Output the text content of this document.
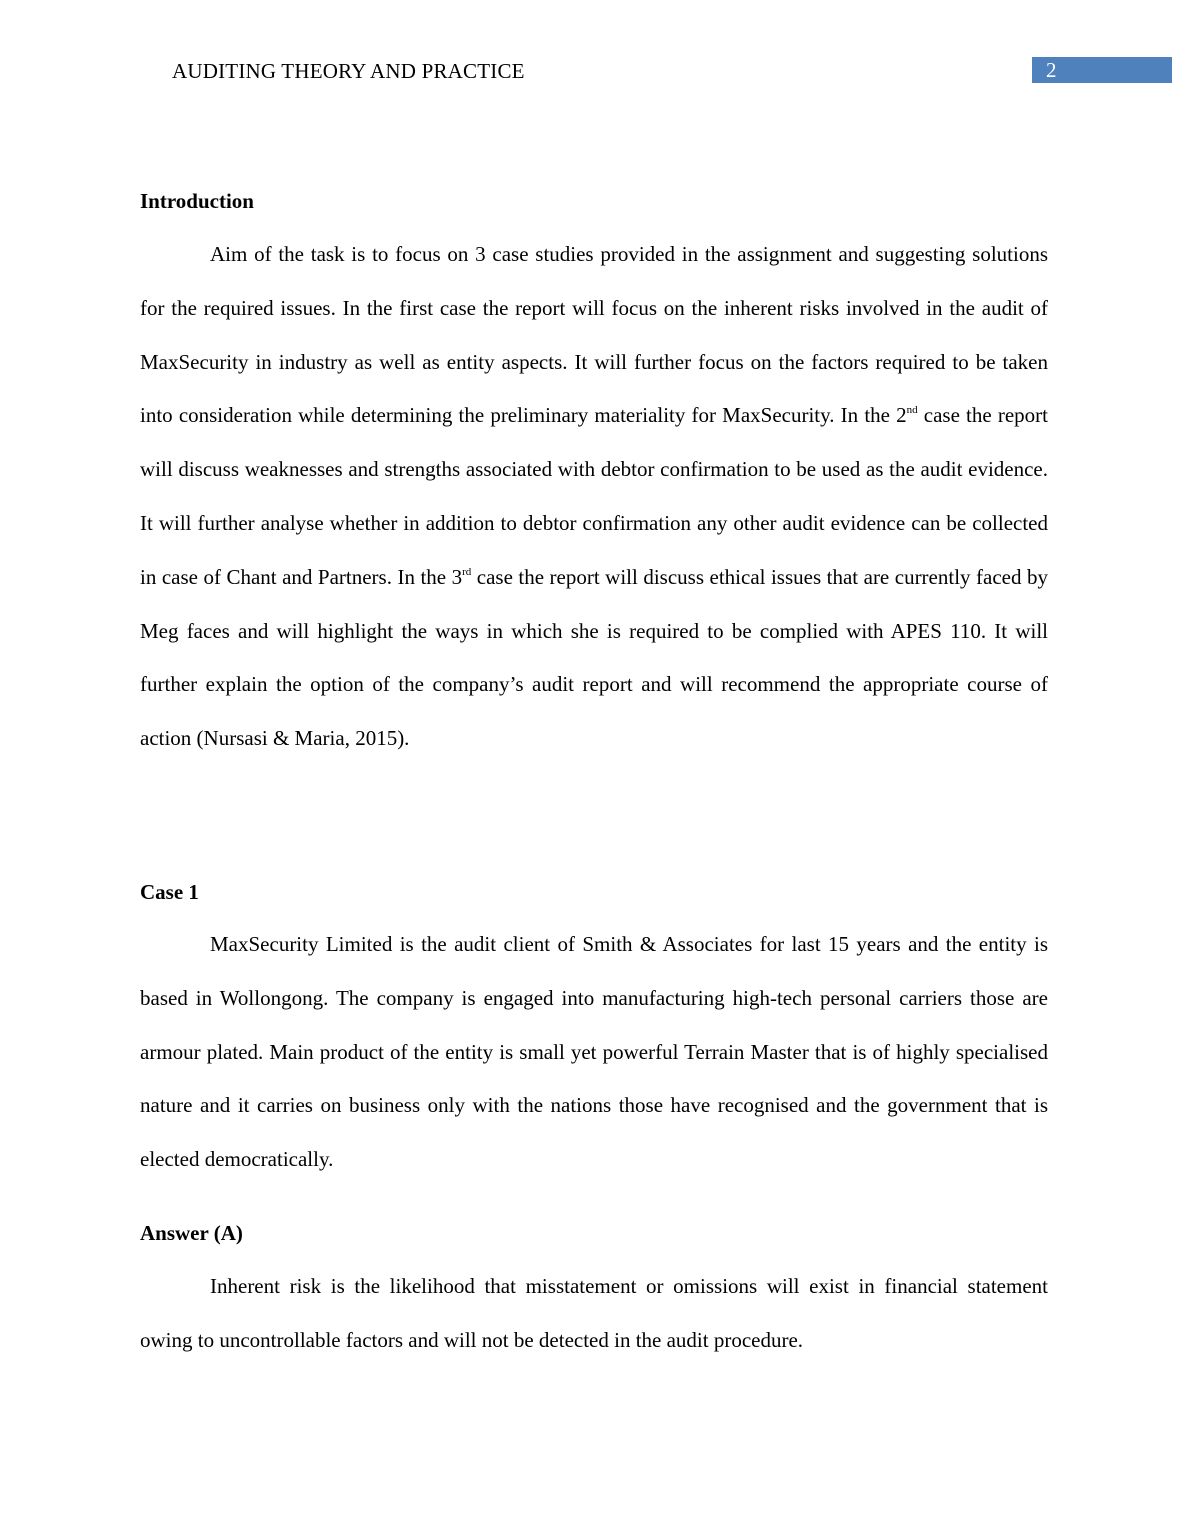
AUDITING THEORY AND PRACTICE	2
Introduction

Aim of the task is to focus on 3 case studies provided in the assignment and suggesting solutions for the required issues. In the first case the report will focus on the inherent risks involved in the audit of MaxSecurity in industry as well as entity aspects. It will further focus on the factors required to be taken into consideration while determining the preliminary materiality for MaxSecurity. In the 2nd case the report will discuss weaknesses and strengths associated with debtor confirmation to be used as the audit evidence. It will further analyse whether in addition to debtor confirmation any other audit evidence can be collected in case of Chant and Partners. In the 3rd case the report will discuss ethical issues that are currently faced by Meg faces and will highlight the ways in which she is required to be complied with APES 110. It will further explain the option of the company’s audit report and will recommend the appropriate course of action (Nursasi & Maria, 2015).

Case 1

MaxSecurity Limited is the audit client of Smith & Associates for last 15 years and the entity is based in Wollongong. The company is engaged into manufacturing high-tech personal carriers those are armour plated. Main product of the entity is small yet powerful Terrain Master that is of highly specialised nature and it carries on business only with the nations those have recognised and the government that is elected democratically.

Answer (A)

Inherent risk is the likelihood that misstatement or omissions will exist in financial statement owing to uncontrollable factors and will not be detected in the audit procedure.
